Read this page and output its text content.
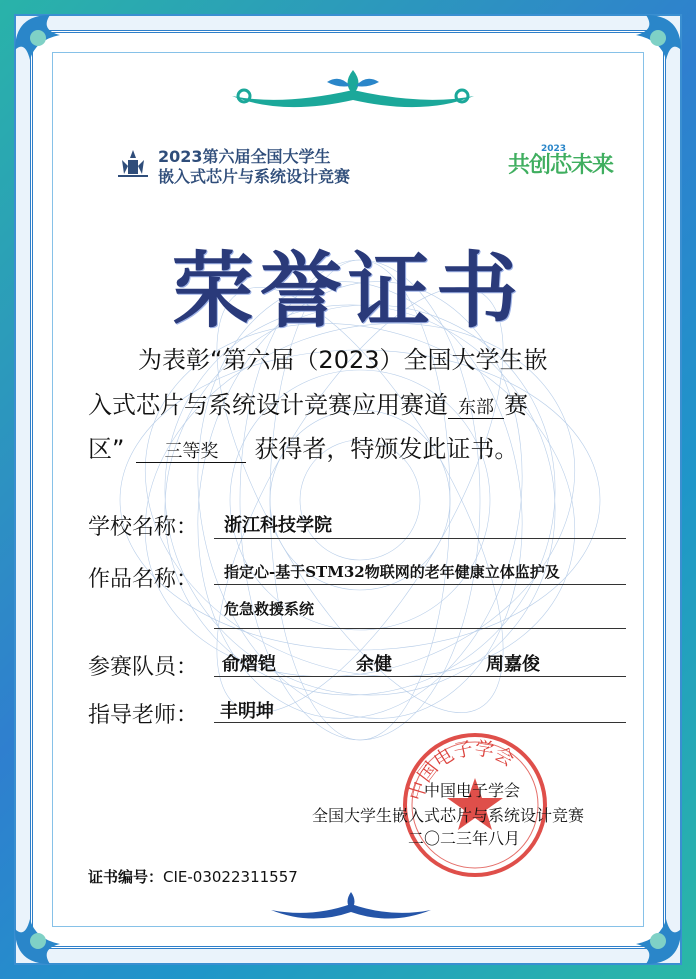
2023第六届全国大学生
嵌入式芯片与系统设计竞赛
2023
共创芯未来
荣誉证书
为表彰“第六届（2023）全国大学生嵌
入式芯片与系统设计竞赛应用赛道 东部 赛
区” 三等奖 获得者，特颁发此证书。
学校名称： 浙江科技学院
作品名称： 指定心-基于STM32物联网的老年健康立体监护及
危急救援系统
参赛队员： 俞熠铠	余健	周嘉俊
指导老师： 丰明坤
中国电子学会
中国电子学会
全国大学生嵌入式芯片与系统设计竞赛
二〇二三年八月
证书编号：CIE-03022311557
